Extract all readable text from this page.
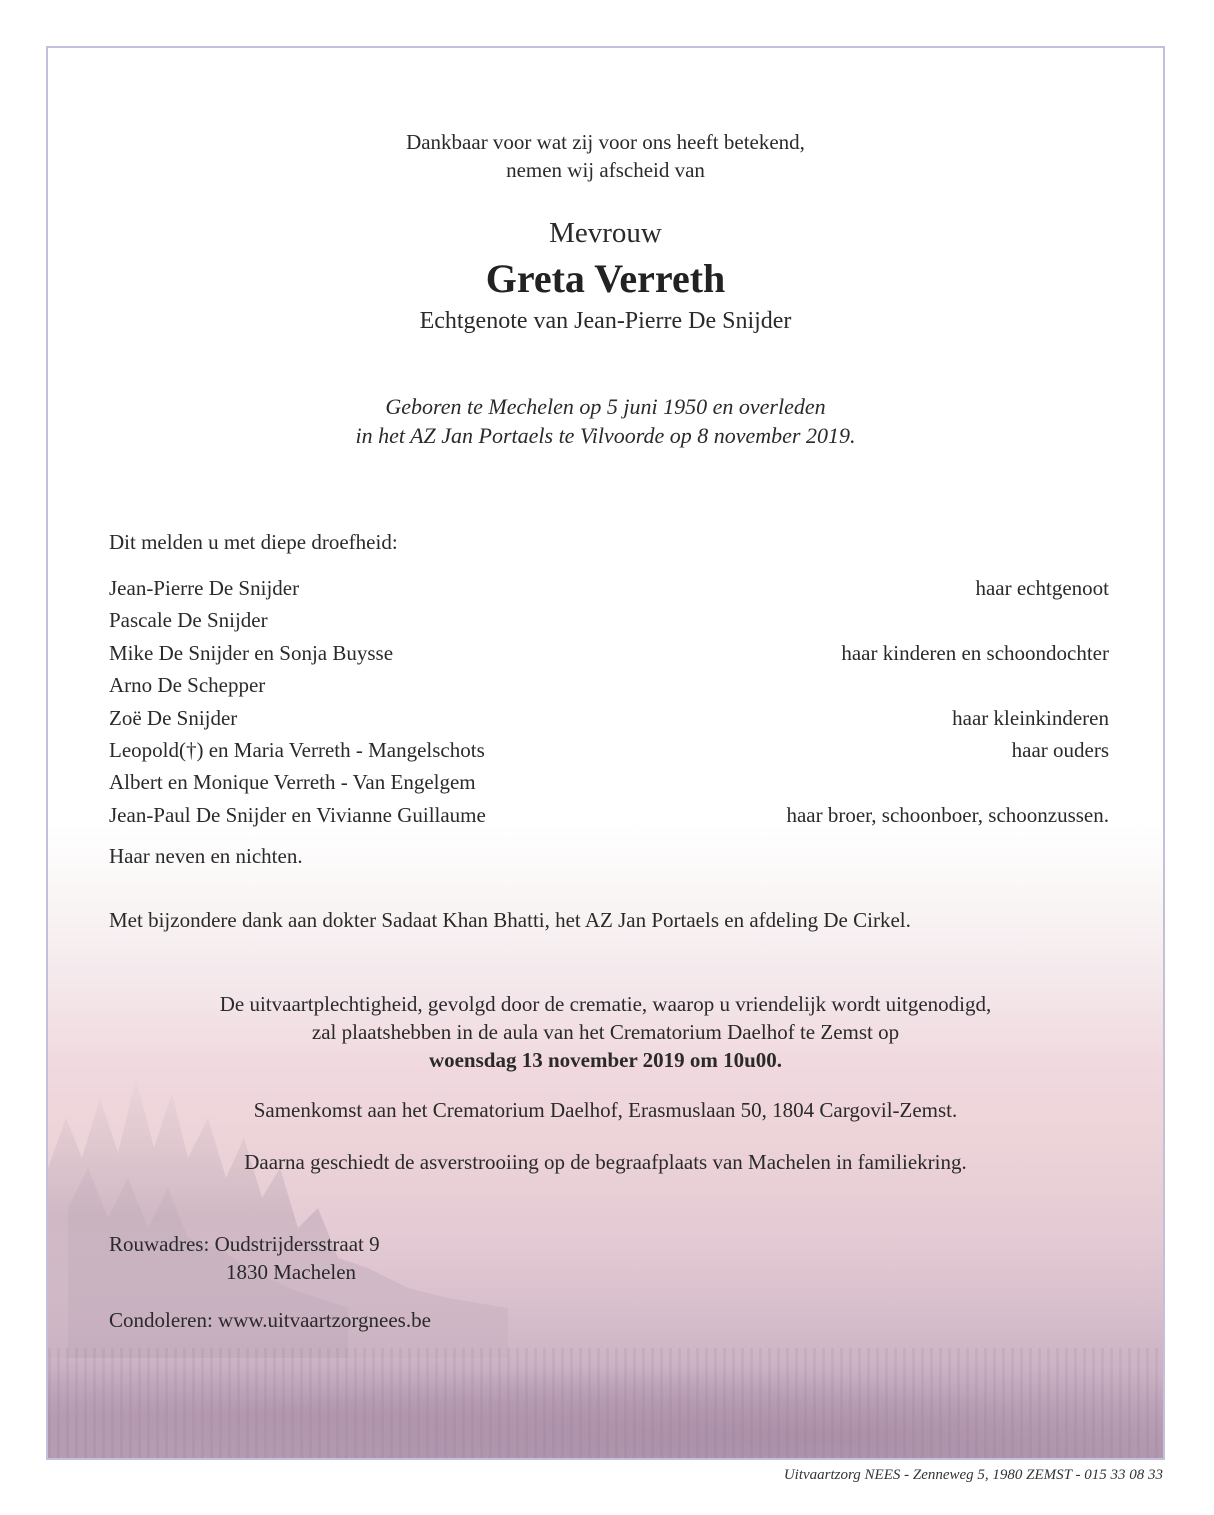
Dankbaar voor wat zij voor ons heeft betekend,
nemen wij afscheid van
Mevrouw
Greta Verreth
Echtgenote van Jean-Pierre De Snijder
Geboren te Mechelen op 5 juni 1950 en overleden
in het AZ Jan Portaels te Vilvoorde op 8 november 2019.
Dit melden u met diepe droefheid:
Jean-Pierre De Snijder	haar echtgenoot
Pascale De Snijder
Mike De Snijder en Sonja Buysse	haar kinderen en schoondochter
Arno De Schepper
Zoë De Snijder	haar kleinkinderen
Leopold(†) en Maria Verreth - Mangelschots	haar ouders
Albert en Monique Verreth - Van Engelgem
Jean-Paul De Snijder en Vivianne Guillaume	haar broer, schoonboer, schoonzussen.
Haar neven en nichten.
Met bijzondere dank aan dokter Sadaat Khan Bhatti, het AZ Jan Portaels en afdeling De Cirkel.
De uitvaartplechtigheid, gevolgd door de crematie, waarop u vriendelijk wordt uitgenodigd,
zal plaatshebben in de aula van het Crematorium Daelhof te Zemst op
woensdag 13 november 2019 om 10u00.
Samenkomst aan het Crematorium Daelhof, Erasmuslaan 50, 1804 Cargovil-Zemst.
Daarna geschiedt de asverstrooiing op de begraafplaats van Machelen in familiekring.
Rouwadres: Oudstrijdersstraat 9
1830 Machelen
Condoleren: www.uitvaartzorgnees.be
Uitvaartzorg NEES - Zenneweg 5, 1980 ZEMST - 015 33 08 33
